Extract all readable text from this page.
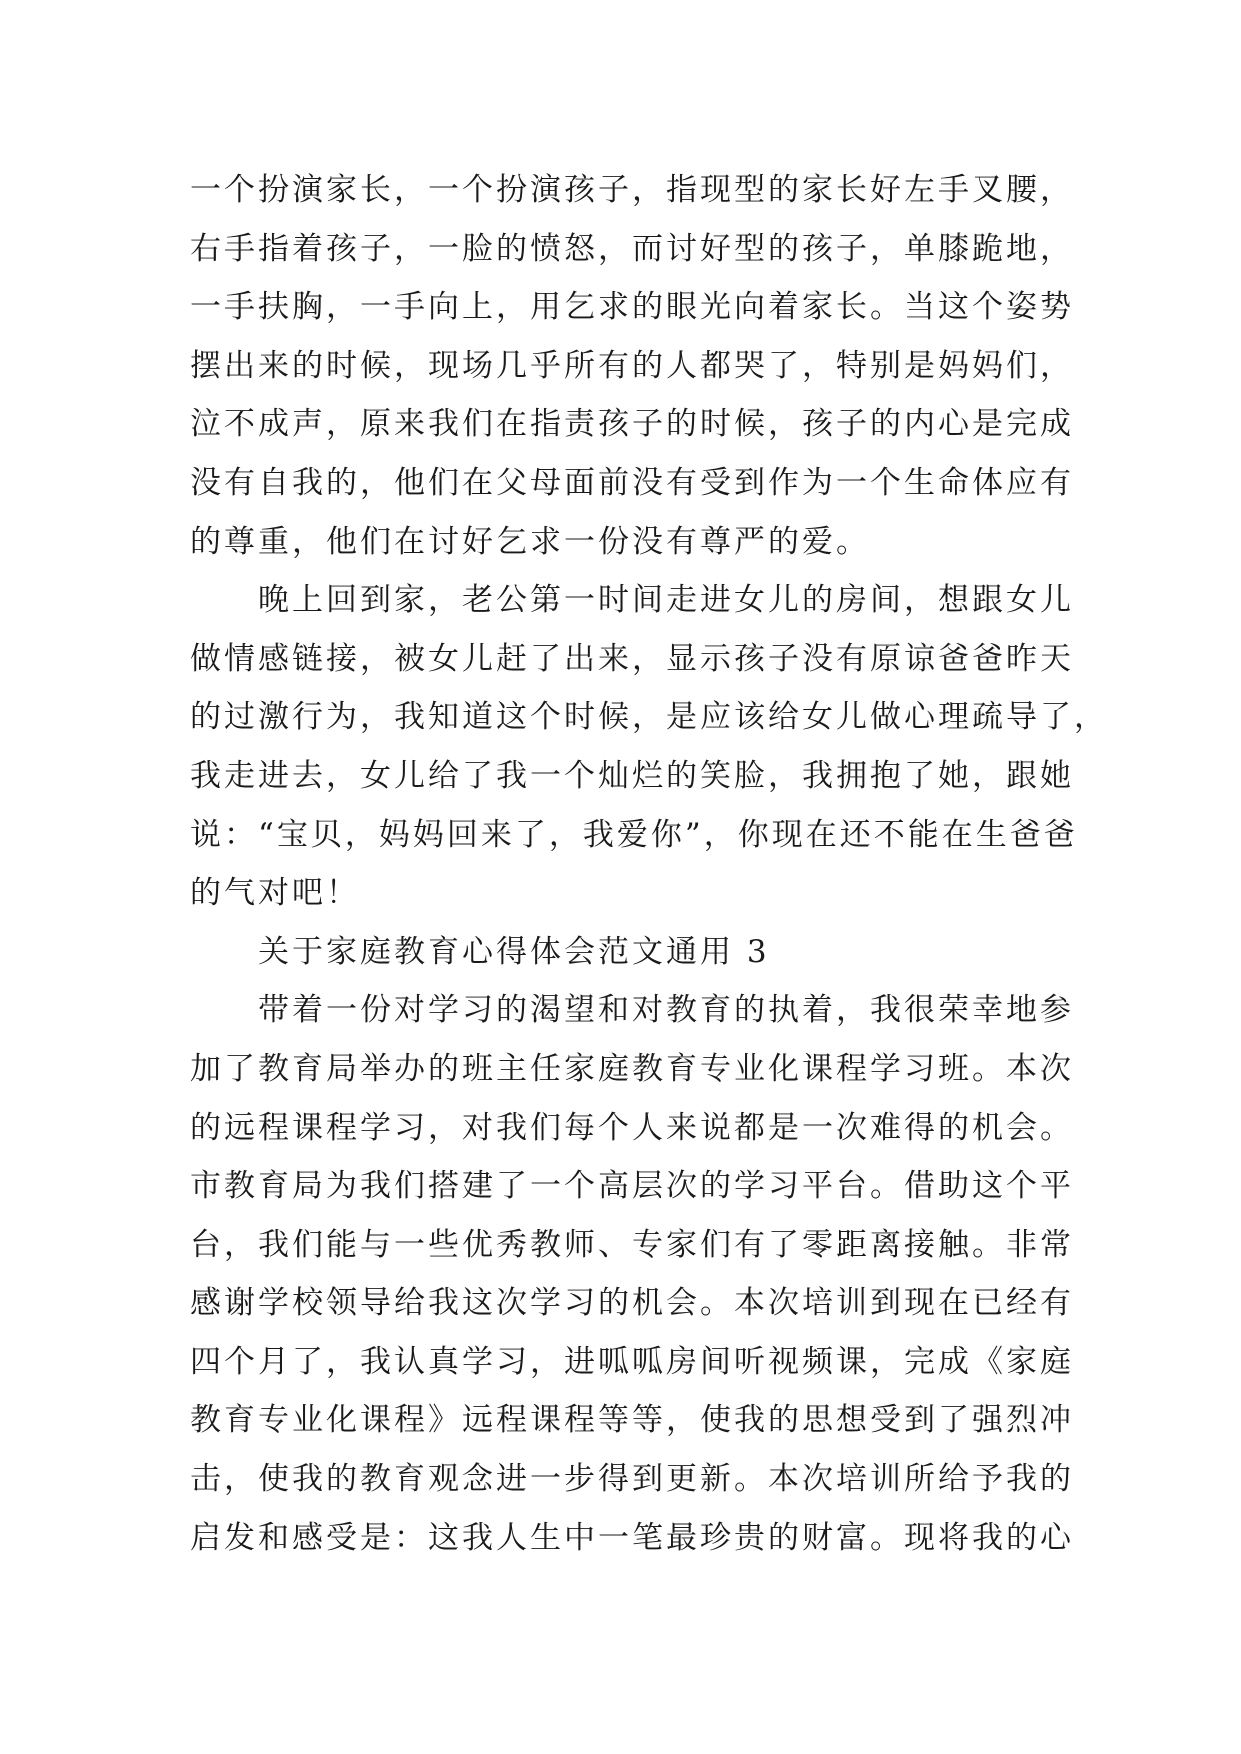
一个扮演家长，一个扮演孩子，指现型的家长好左手叉腰，
右手指着孩子，一脸的愤怒，而讨好型的孩子，单膝跪地，
一手扶胸，一手向上，用乞求的眼光向着家长。当这个姿势
摆出来的时候，现场几乎所有的人都哭了，特别是妈妈们，
泣不成声，原来我们在指责孩子的时候，孩子的内心是完成
没有自我的，他们在父母面前没有受到作为一个生命体应有
的尊重，他们在讨好乞求一份没有尊严的爱。
晚上回到家，老公第一时间走进女儿的房间，想跟女儿
做情感链接，被女儿赶了出来，显示孩子没有原谅爸爸昨天
的过激行为，我知道这个时候，是应该给女儿做心理疏导了，
我走进去，女儿给了我一个灿烂的笑脸，我拥抱了她，跟她
说：“宝贝，妈妈回来了，我爱你”，你现在还不能在生爸爸
的气对吧！
关于家庭教育心得体会范文通用 3
带着一份对学习的渴望和对教育的执着，我很荣幸地参
加了教育局举办的班主任家庭教育专业化课程学习班。本次
的远程课程学习，对我们每个人来说都是一次难得的机会。
市教育局为我们搭建了一个高层次的学习平台。借助这个平
台，我们能与一些优秀教师、专家们有了零距离接触。非常
感谢学校领导给我这次学习的机会。本次培训到现在已经有
四个月了，我认真学习，进呱呱房间听视频课，完成《家庭
教育专业化课程》远程课程等等，使我的思想受到了强烈冲
击，使我的教育观念进一步得到更新。本次培训所给予我的
启发和感受是：这我人生中一笔最珍贵的财富。现将我的心
